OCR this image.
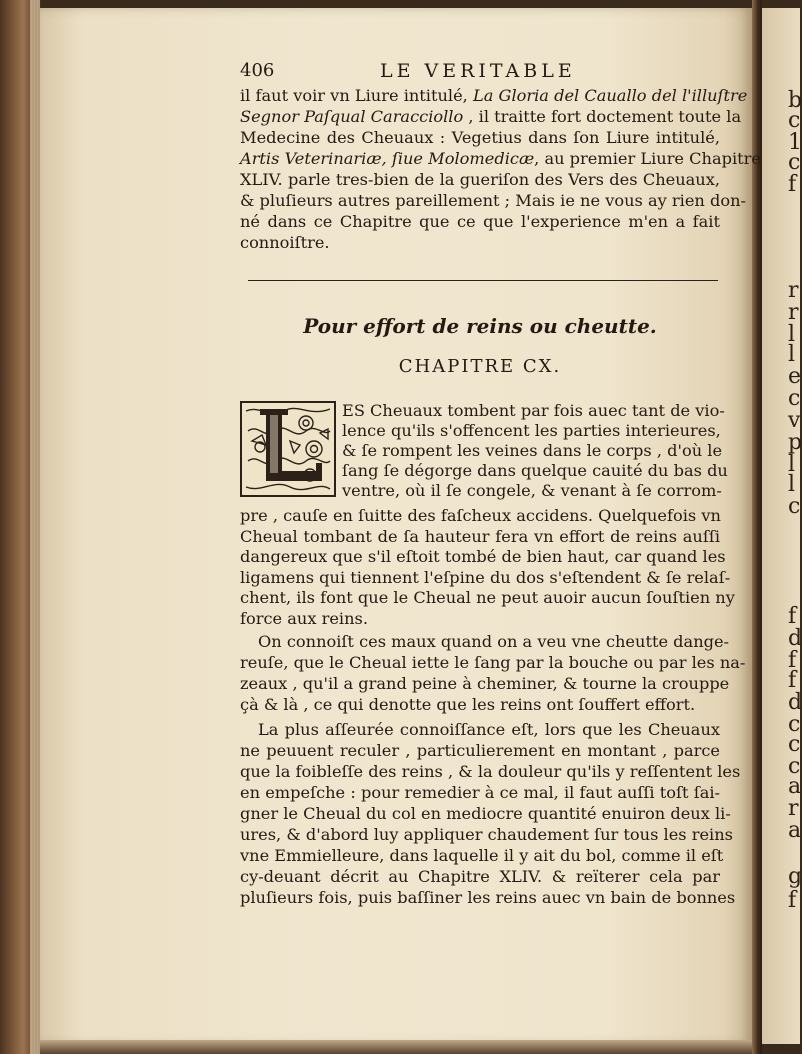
b
c
1
c
f
r
r
l
l
e
c
v
p
l
l
c
f
d
f
f
d
c
c
c
a
r
a
g
f
406	LE VERITABLE
il faut voir vn Liure intitulé, La Gloria del Cauallo del l'illuſtre
Segnor Paſqual Caracciollo , il traitte fort doctement toute la
Medecine des Cheuaux : Vegetius dans ſon Liure intitulé,
Artis Veterinariæ, ſiue Molomedicæ, au premier Liure Chapitre
XLIV. parle tres-bien de la gueriſon des Vers des Cheuaux,
& pluſieurs autres pareillement ; Mais ie ne vous ay rien don-
né dans ce Chapitre que ce que l'experience m'en a fait
connoiſtre.
Pour effort de reins ou cheutte.
CHAPITRE CX.
ES Cheuaux tombent par fois auec tant de vio-
lence qu'ils s'offencent les parties interieures,
& ſe rompent les veines dans le corps , d'où le
ſang ſe dégorge dans quelque cauité du bas du
ventre, où il ſe congele, & venant à ſe corrom-
pre , cauſe en ſuitte des faſcheux accidens. Quelquefois vn
Cheual tombant de ſa hauteur fera vn effort de reins auſſi
dangereux que s'il eſtoit tombé de bien haut, car quand les
ligamens qui tiennent l'eſpine du dos s'eſtendent & ſe relaſ-
chent, ils font que le Cheual ne peut auoir aucun ſouſtien ny
force aux reins.
On connoiſt ces maux quand on a veu vne cheutte dange-
reuſe, que le Cheual iette le ſang par la bouche ou par les na-
zeaux , qu'il a grand peine à cheminer, & tourne la crouppe
çà & là , ce qui denotte que les reins ont ſouffert effort.
La plus aſſeurée connoiſſance eſt, lors que les Cheuaux
ne peuuent reculer , particulierement en montant , parce
que la foibleſſe des reins , & la douleur qu'ils y reſſentent les
en empeſche : pour remedier à ce mal, il faut auſſi toſt ſai-
gner le Cheual du col en mediocre quantité enuiron deux li-
ures, & d'abord luy appliquer chaudement ſur tous les reins
vne Emmielleure, dans laquelle il y ait du bol, comme il eſt
cy-deuant décrit au Chapitre XLIV. & reïterer cela par
pluſieurs fois, puis baſſiner les reins auec vn bain de bonnes
